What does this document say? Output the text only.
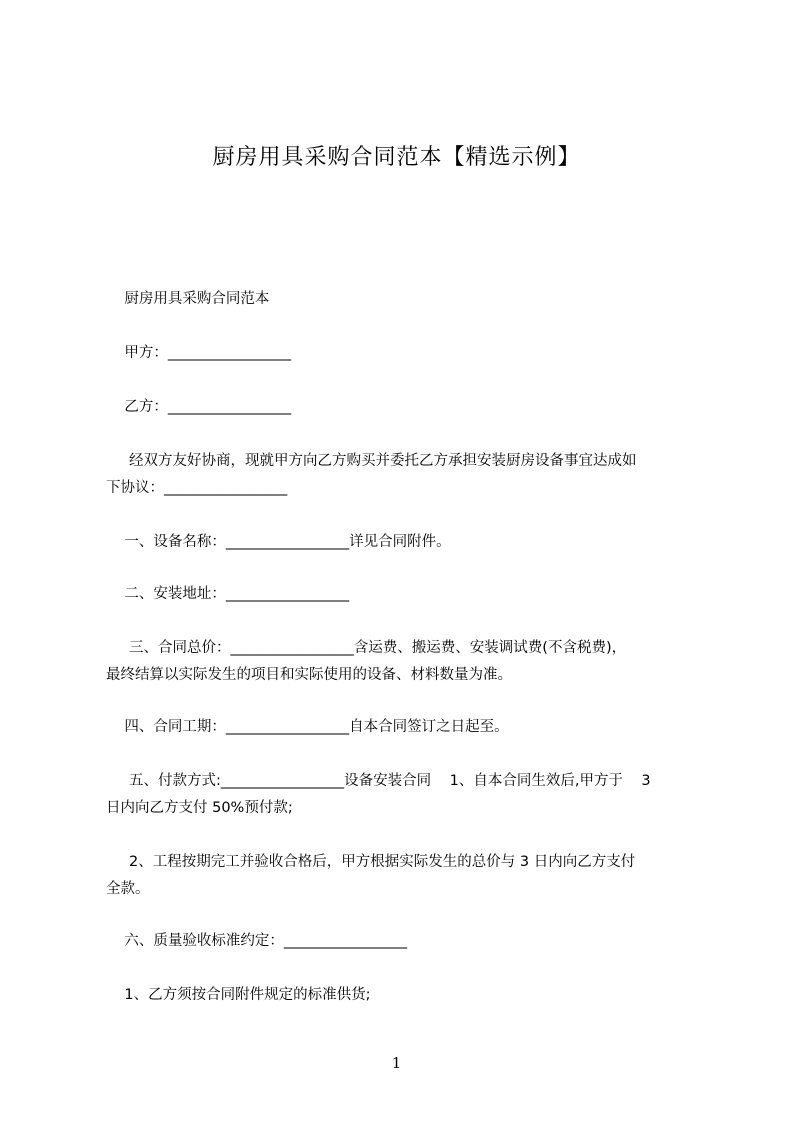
厨房用具采购合同范本【精选示例】
厨房用具采购合同范本
甲方：_________________
乙方：_________________
经双方友好协商，现就甲方向乙方购买并委托乙方承担安装厨房设备事宜达成如
下协议：_________________
一、设备名称：_________________详见合同附件。
二、安装地址：_________________
三、合同总价：_________________含运费、搬运费、安装调试费(不含税费)，
最终结算以实际发生的项目和实际使用的设备、材料数量为准。
四、合同工期：_________________自本合同签订之日起至。
五、付款方式:_________________设备安装合同    1、自本合同生效后,甲方于    3
日内向乙方支付 50%预付款;
2、工程按期完工并验收合格后，甲方根据实际发生的总价与 3 日内向乙方支付
全款。
六、质量验收标准约定：_________________
1、乙方须按合同附件规定的标准供货;
1
